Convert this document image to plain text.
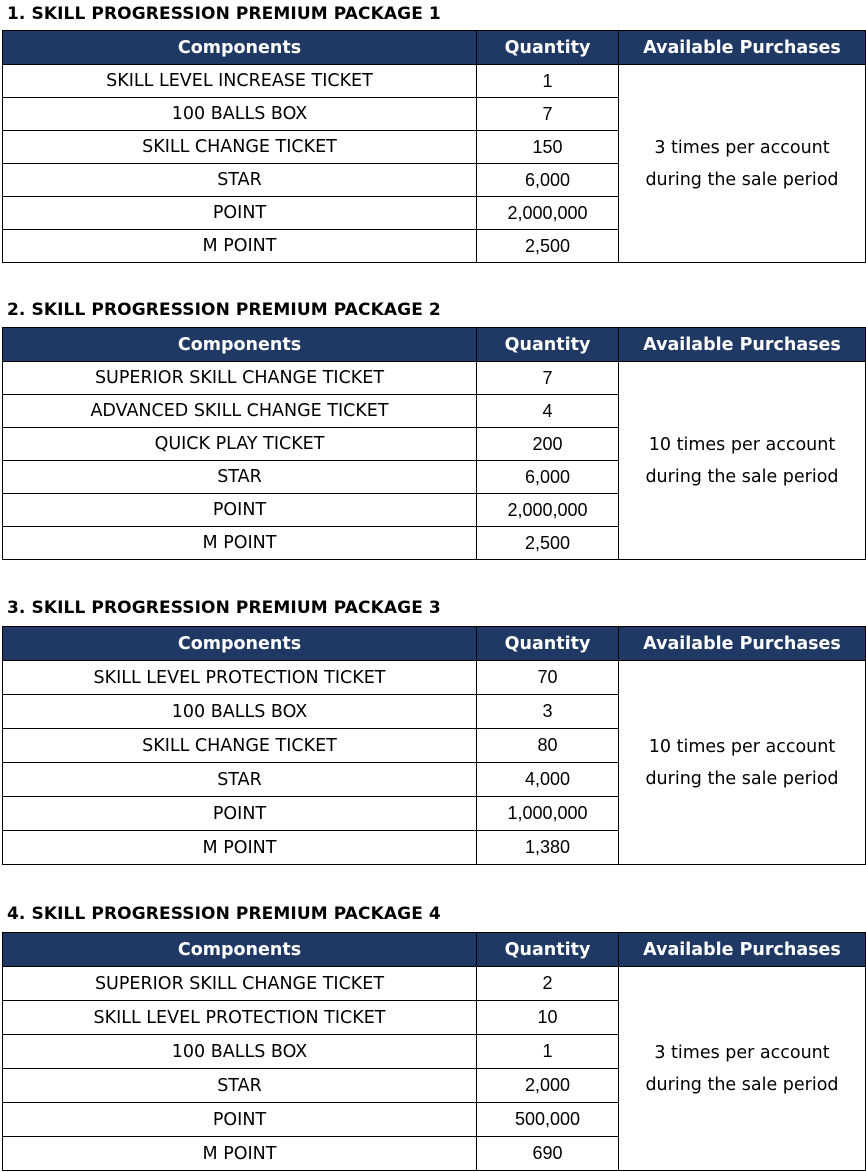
1. SKILL PROGRESSION PREMIUM PACKAGE 1
Components	Quantity	Available Purchases
SKILL LEVEL INCREASE TICKET	1	3 times per account
during the sale period

100 BALLS BOX	7	
SKILL CHANGE TICKET	150	
STAR	6,000	
POINT	2,000,000	
M POINT	2,500	
2. SKILL PROGRESSION PREMIUM PACKAGE 2
Components	Quantity	Available Purchases
SUPERIOR SKILL CHANGE TICKET	7	10 times per account
during the sale period

ADVANCED SKILL CHANGE TICKET	4	
QUICK PLAY TICKET	200	
STAR	6,000	
POINT	2,000,000	
M POINT	2,500	
3. SKILL PROGRESSION PREMIUM PACKAGE 3
Components	Quantity	Available Purchases
SKILL LEVEL PROTECTION TICKET	70	10 times per account
during the sale period

100 BALLS BOX	3	
SKILL CHANGE TICKET	80	
STAR	4,000	
POINT	1,000,000	
M POINT	1,380	
4. SKILL PROGRESSION PREMIUM PACKAGE 4
Components	Quantity	Available Purchases
SUPERIOR SKILL CHANGE TICKET	2	3 times per account
during the sale period

SKILL LEVEL PROTECTION TICKET	10	
100 BALLS BOX	1	
STAR	2,000	
POINT	500,000	
M POINT	690	
